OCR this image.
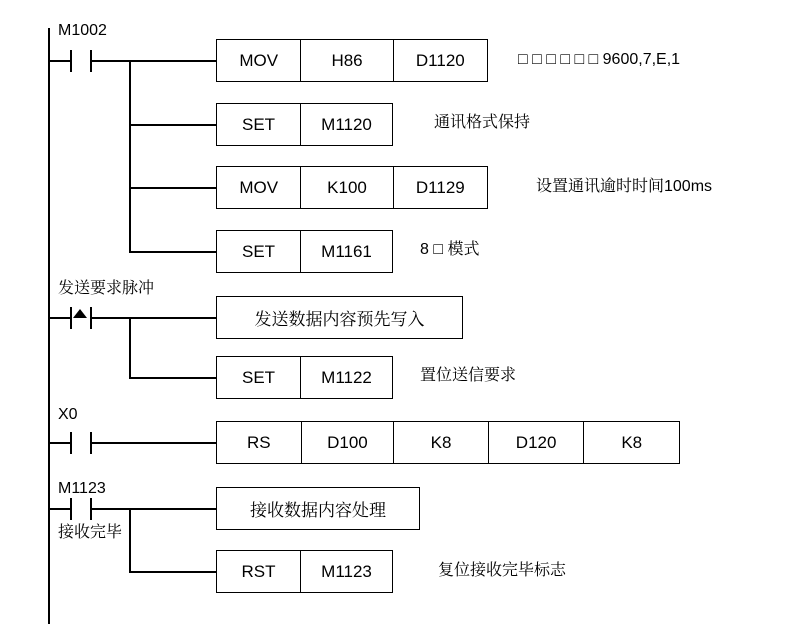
M1002
MOV	H86	D1120	□ □ □ □ □ □ 9600,7,E,1
SET	M1120	通讯格式保持
MOV	K100	D1129	设置通讯逾时时间100ms
SET	M1161	8 □ 模式
发送要求脉冲
发送数据内容预先写入
SET	M1122	置位送信要求
X0
RS	D100	K8	D120	K8
M1123
接收完毕
接收数据内容处理
RST	M1123	复位接收完毕标志
